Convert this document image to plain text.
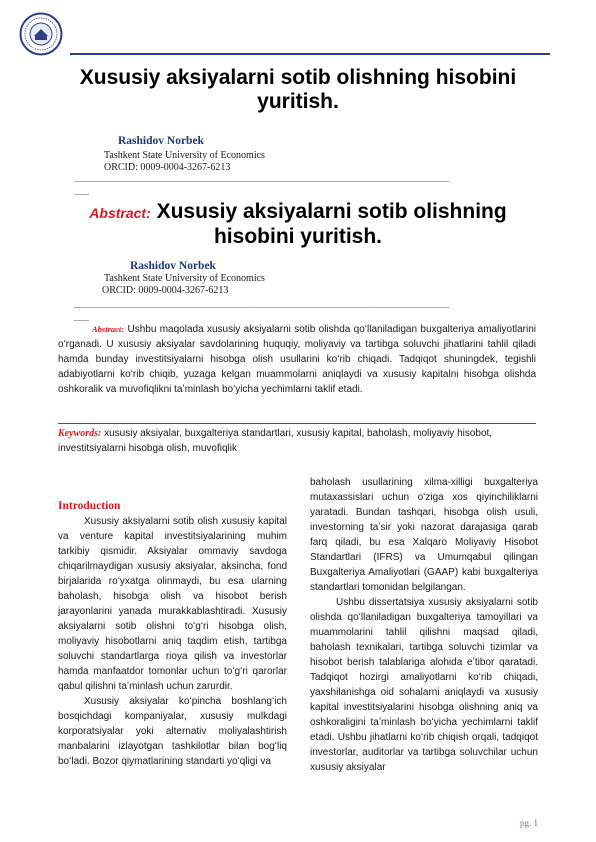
Xususiy aksiyalarni sotib olishning hisobini yuritish.
Rashidov Norbek
Tashkent State University of Economics
ORCID: 0009-0004-3267-6213
___________________________________________________________________________
___
Abstract: Xususiy aksiyalarni sotib olishning hisobini yuritish.
Rashidov Norbek
Tashkent State University of Economics
ORCID: 0009-0004-3267-6213
___________________________________________________________________________
___
Abstract: Ushbu maqolada xususiy aksiyalarni sotib olishda qoʻllaniladigan buxgalteriya amaliyotlarini oʻrganadi. U xususiy aksiyalar savdolarining huquqiy, moliyaviy va tartibga soluvchi jihatlarini tahlil qiladi hamda bunday investitsiyalarni hisobga olish usullarini koʻrib chiqadi. Tadqiqot shuningdek, tegishli adabiyotlarni koʻrib chiqib, yuzaga kelgan muammolarni aniqlaydi va xususiy kapitalni hisobga olishda oshkoralik va muvofiqlikni taʼminlash boʻyicha yechimlarni taklif etadi.
Keywords: xususiy aksiyalar, buxgalteriya standartlari, xususiy kapital, baholash, moliyaviy hisobot, investitsiyalarni hisobga olish, muvofiqlik
Introduction

Xususiy aksiyalarni sotib olish xususiy kapital va venture kapital investitsiyalarining muhim tarkibiy qismidir. Aksiyalar ommaviy savdoga chiqarilmaydigan xususiy aksiyalar, aksincha, fond birjalarida roʻyxatga olinmaydi, bu esa ularning baholash, hisobga olish va hisobot berish jarayonlarini yanada murakkablashtiradi. Xususiy aksiyalarni sotib olishni toʻgʻri hisobga olish, moliyaviy hisobotlarni aniq taqdim etish, tartibga soluvchi standartlarga rioya qilish va investorlar hamda manfaatdor tomonlar uchun toʻgʻri qarorlar qabul qilishni taʼminlash uchun zarurdir.

Xususiy aksiyalar koʻpincha boshlangʻich bosqichdagi kompaniyalar, xususiy mulkdagi korporatsiyalar yoki alternativ moliyalashtirish manbalarini izlayotgan tashkilotlar bilan bogʻliq boʻladi. Bozor qiymatlarining standarti yoʻqligi va

baholash usullarining xilma-xilligi buxgalteriya mutaxassislari uchun oʻziga xos qiyinchiliklarni yaratadi. Bundan tashqari, hisobga olish usuli, investorning taʼsir yoki nazorat darajasiga qarab farq qiladi, bu esa Xalqaro Moliyaviy Hisobot Standartlari (IFRS) va Umumqabul qilingan Buxgalteriya Amaliyotlari (GAAP) kabi buxgalteriya standartlari tomonidan belgilangan.

Ushbu dissertatsiya xususiy aksiyalarni sotib olishda qoʻllaniladigan buxgalteriya tamoyillari va muammolarini tahlil qilishni maqsad qiladi, baholash texnikalari, tartibga soluvchi tizimlar va hisobot berish talablariga alohida eʼtibor qaratadi. Tadqiqot hozirgi amaliyotlarni koʻrib chiqadi, yaxshilanishga oid sohalarni aniqlaydi va xususiy kapital investitsiyalarini hisobga olishning aniq va oshkoraligini taʼminlash boʻyicha yechimlarni taklif etadi. Ushbu jihatlarni koʻrib chiqish orqali, tadqiqot investorlar, auditorlar va tartibga soluvchilar uchun xususiy aksiyalar

pg. 1
